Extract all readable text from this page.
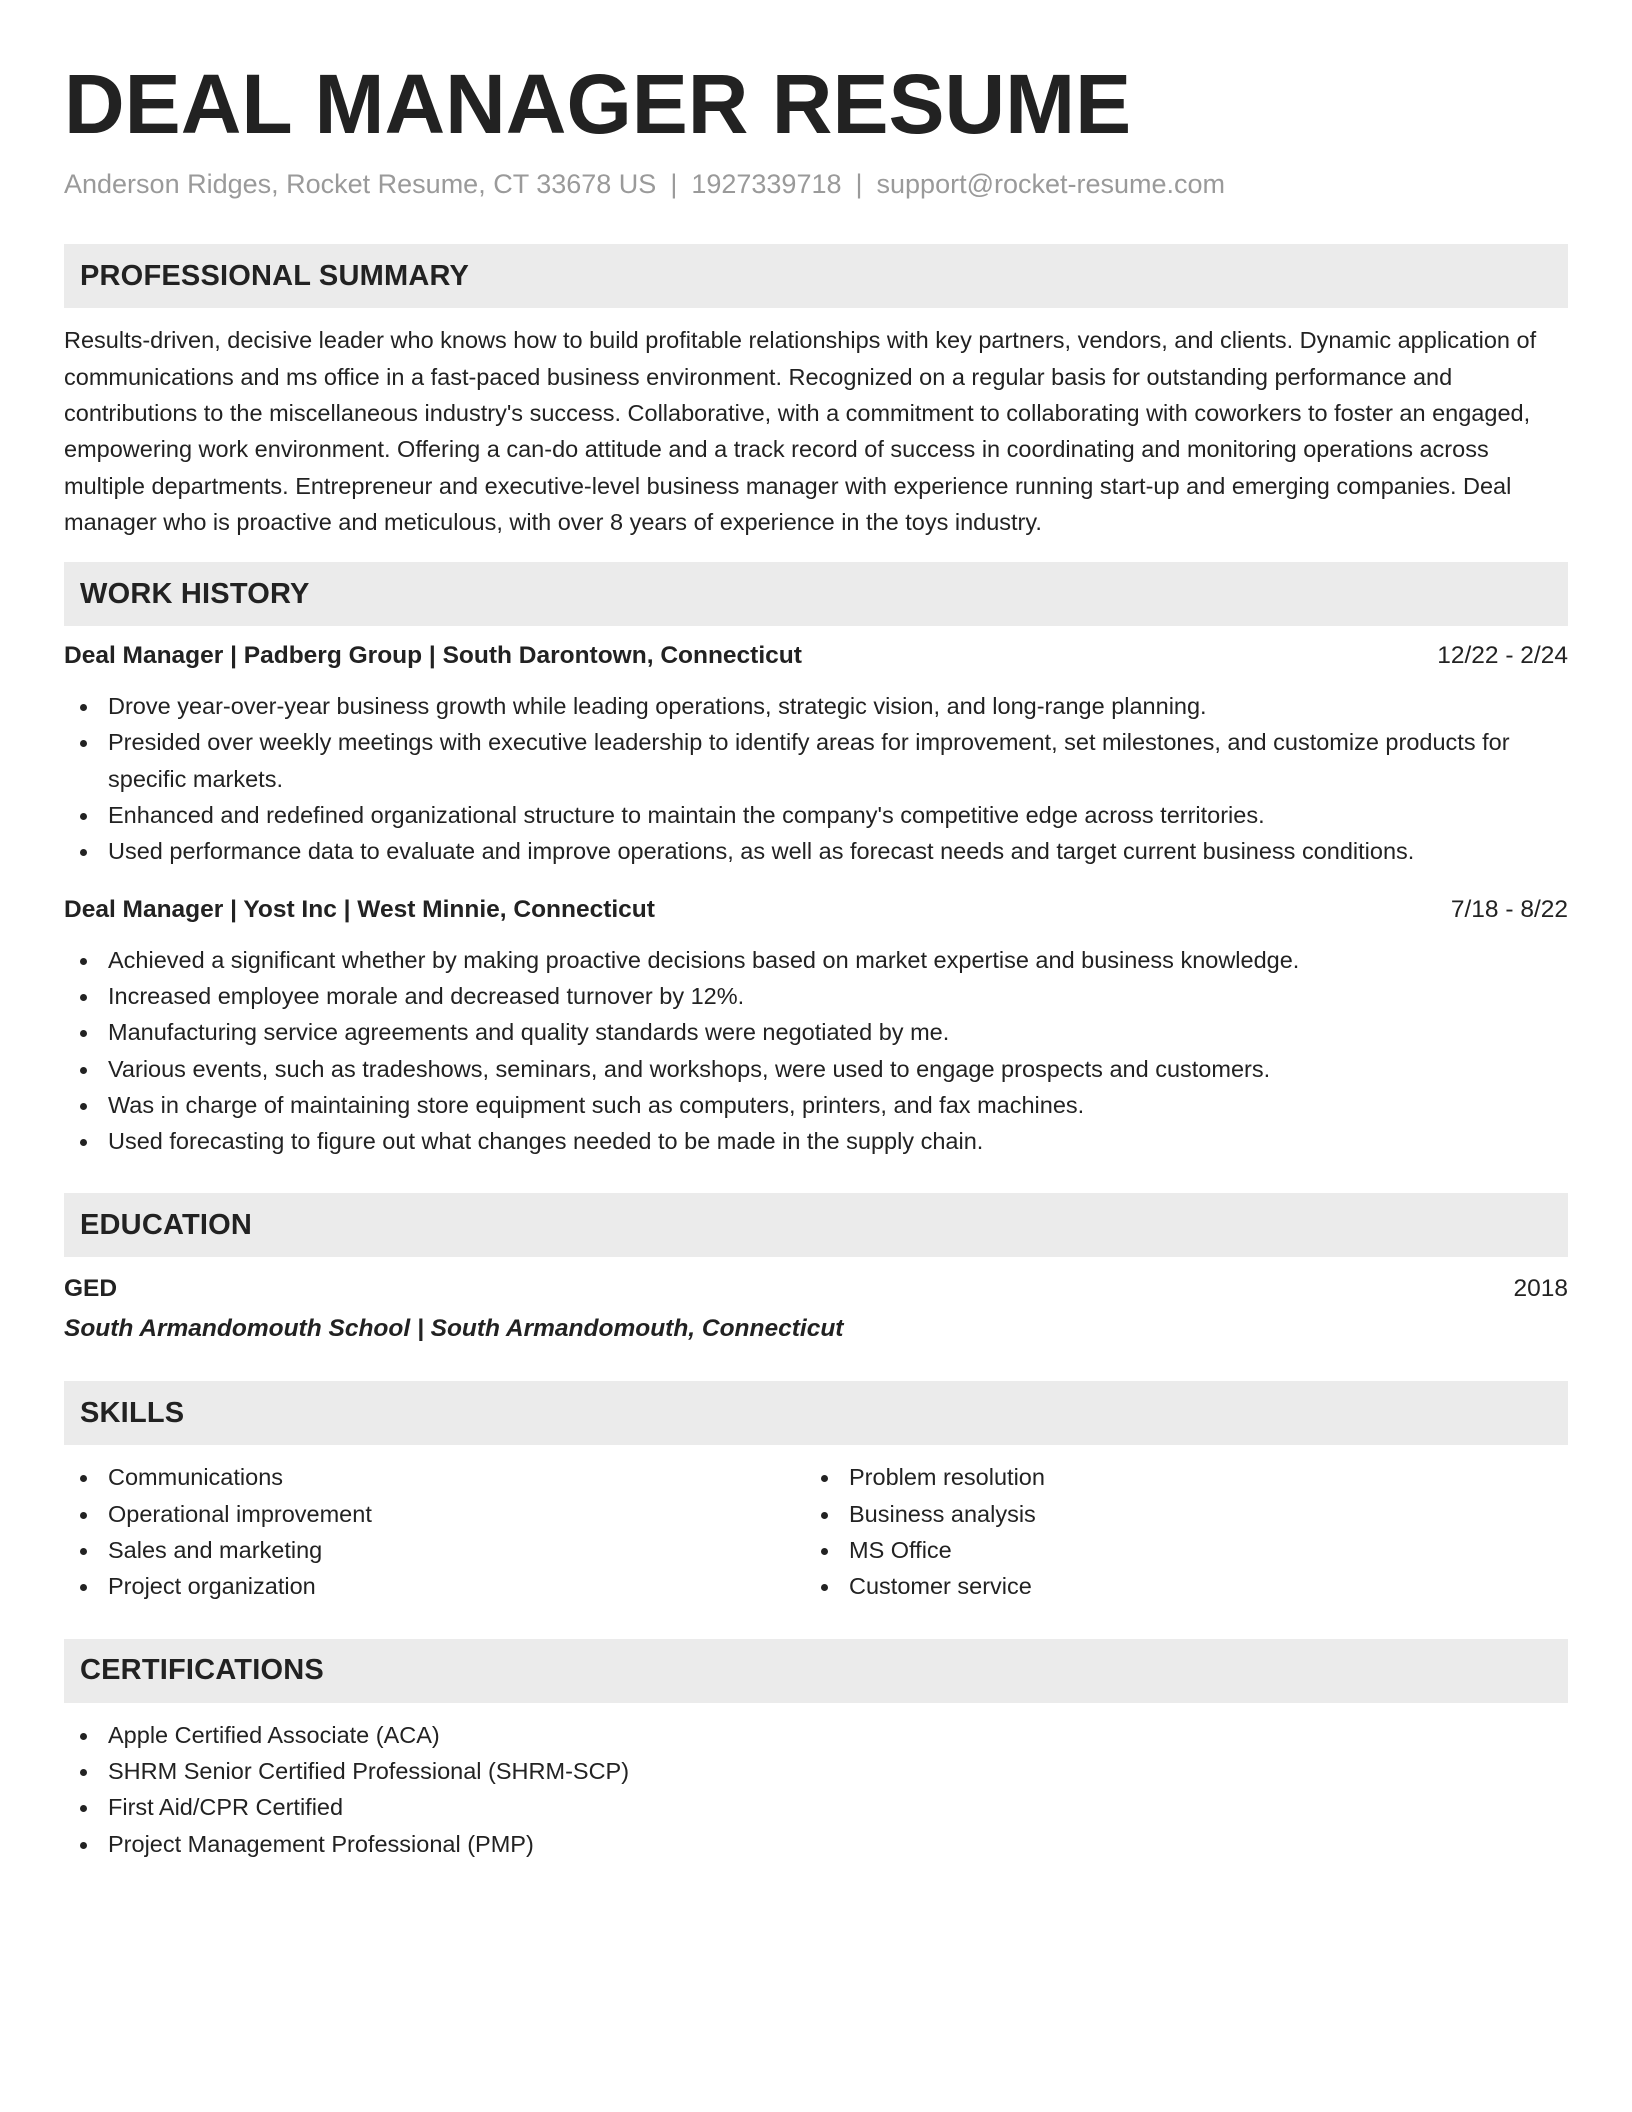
DEAL MANAGER RESUME
Anderson Ridges, Rocket Resume, CT 33678 US | 1927339718 | support@rocket-resume.com
PROFESSIONAL SUMMARY

Results-driven, decisive leader who knows how to build profitable relationships with key partners, vendors, and clients. Dynamic application of communications and ms office in a fast-paced business environment. Recognized on a regular basis for outstanding performance and contributions to the miscellaneous industry's success. Collaborative, with a commitment to collaborating with coworkers to foster an engaged, empowering work environment. Offering a can-do attitude and a track record of success in coordinating and monitoring operations across multiple departments. Entrepreneur and executive-level business manager with experience running start-up and emerging companies. Deal manager who is proactive and meticulous, with over 8 years of experience in the toys industry.

WORK HISTORY
Deal Manager | Padberg Group | South Darontown, Connecticut	12/22 - 2/24
Drove year-over-year business growth while leading operations, strategic vision, and long-range planning.
Presided over weekly meetings with executive leadership to identify areas for improvement, set milestones, and customize products for specific markets.
Enhanced and redefined organizational structure to maintain the company's competitive edge across territories.
Used performance data to evaluate and improve operations, as well as forecast needs and target current business conditions.
Deal Manager | Yost Inc | West Minnie, Connecticut	7/18 - 8/22
Achieved a significant whether by making proactive decisions based on market expertise and business knowledge.
Increased employee morale and decreased turnover by 12%.
Manufacturing service agreements and quality standards were negotiated by me.
Various events, such as tradeshows, seminars, and workshops, were used to engage prospects and customers.
Was in charge of maintaining store equipment such as computers, printers, and fax machines.
Used forecasting to figure out what changes needed to be made in the supply chain.
EDUCATION
GED	2018
South Armandomouth School | South Armandomouth, Connecticut
SKILLS
Communications
Operational improvement
Sales and marketing
Project organization
Problem resolution
Business analysis
MS Office
Customer service
CERTIFICATIONS
Apple Certified Associate (ACA)
SHRM Senior Certified Professional (SHRM-SCP)
First Aid/CPR Certified
Project Management Professional (PMP)
